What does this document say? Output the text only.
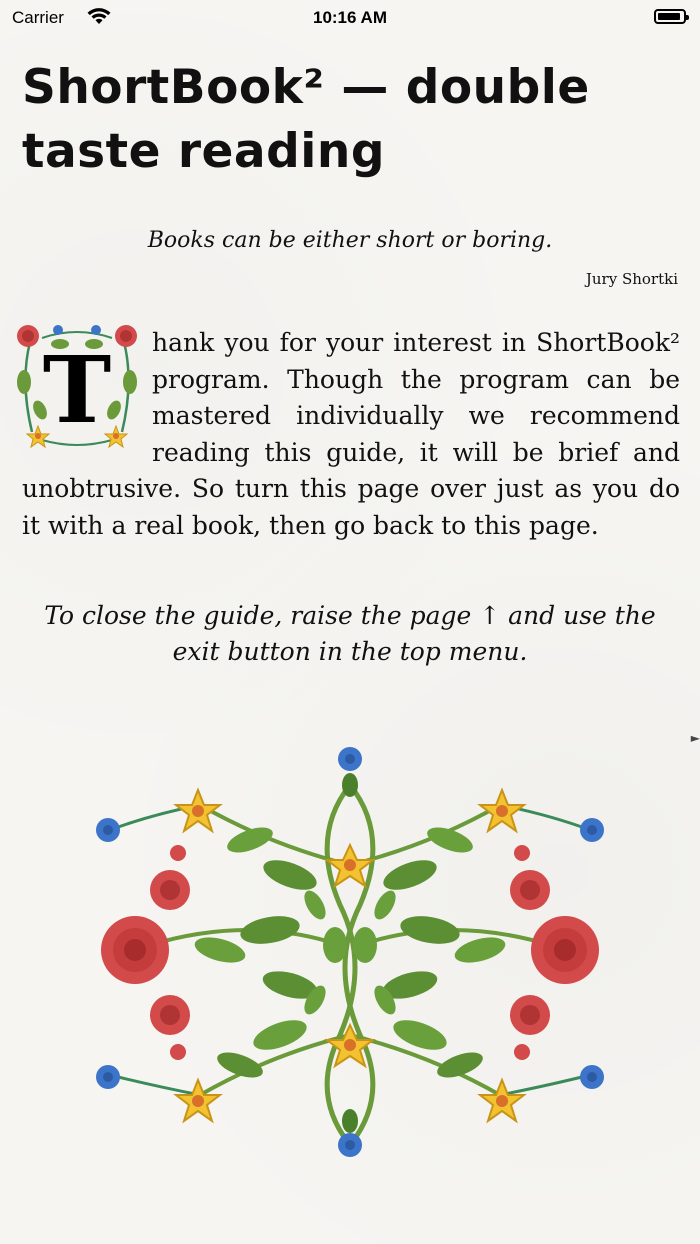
Carrier	10:16 AM
ShortBook² — double taste reading

Books can be either short or boring.

Jury Shortki

hank you for your interest in ShortBook² program. Though the program can be mastered individually we recommend reading this guide, it will be brief and unobtrusive. So turn this page over just as you do it with a real book, then go back to this page.

T

To close the guide, raise the page ↑ and use the exit button in the top menu.

►
